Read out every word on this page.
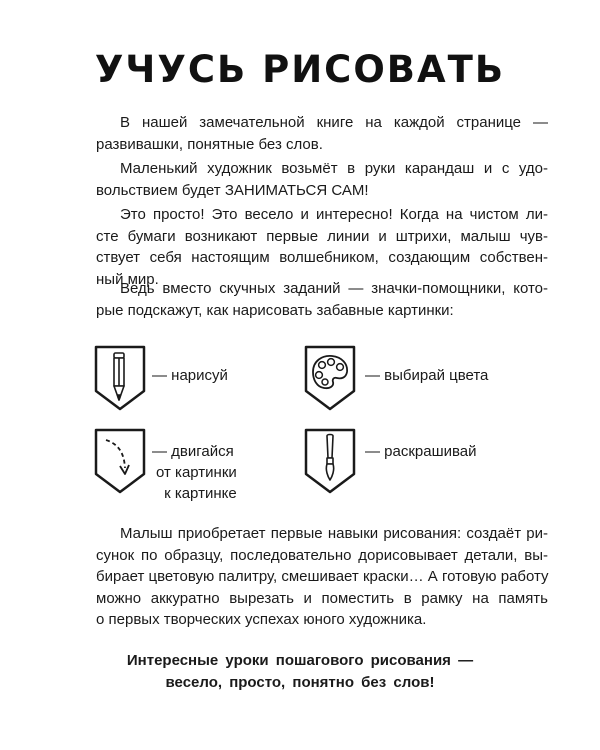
УЧУСЬ РИСОВАТЬ
В нашей замечательной книге на каждой странице —
развивашки, понятные без слов.
Маленький художник возьмёт в руки карандаш и с удо-
вольствием будет ЗАНИМАТЬСЯ САМ!
Это просто! Это весело и интересно! Когда на чистом ли-
сте бумаги возникают первые линии и штрихи, малыш чув-
ствует себя настоящим волшебником, создающим собствен-
ный мир.
Ведь вместо скучных заданий — значки-помощники, кото-
рые подскажут, как нарисовать забавные картинки:
— нарисуй	— выбирай цвета
— двигайся
от картинки
к картинке
— раскрашивай
Малыш приобретает первые навыки рисования: создаёт ри-
сунок по образцу, последовательно дорисовывает детали, вы-
бирает цветовую палитру, смешивает краски… А готовую работу
можно аккуратно вырезать и поместить в рамку на память
о первых творческих успехах юного художника.
Интересные уроки пошагового рисования —
весело, просто, понятно без слов!
